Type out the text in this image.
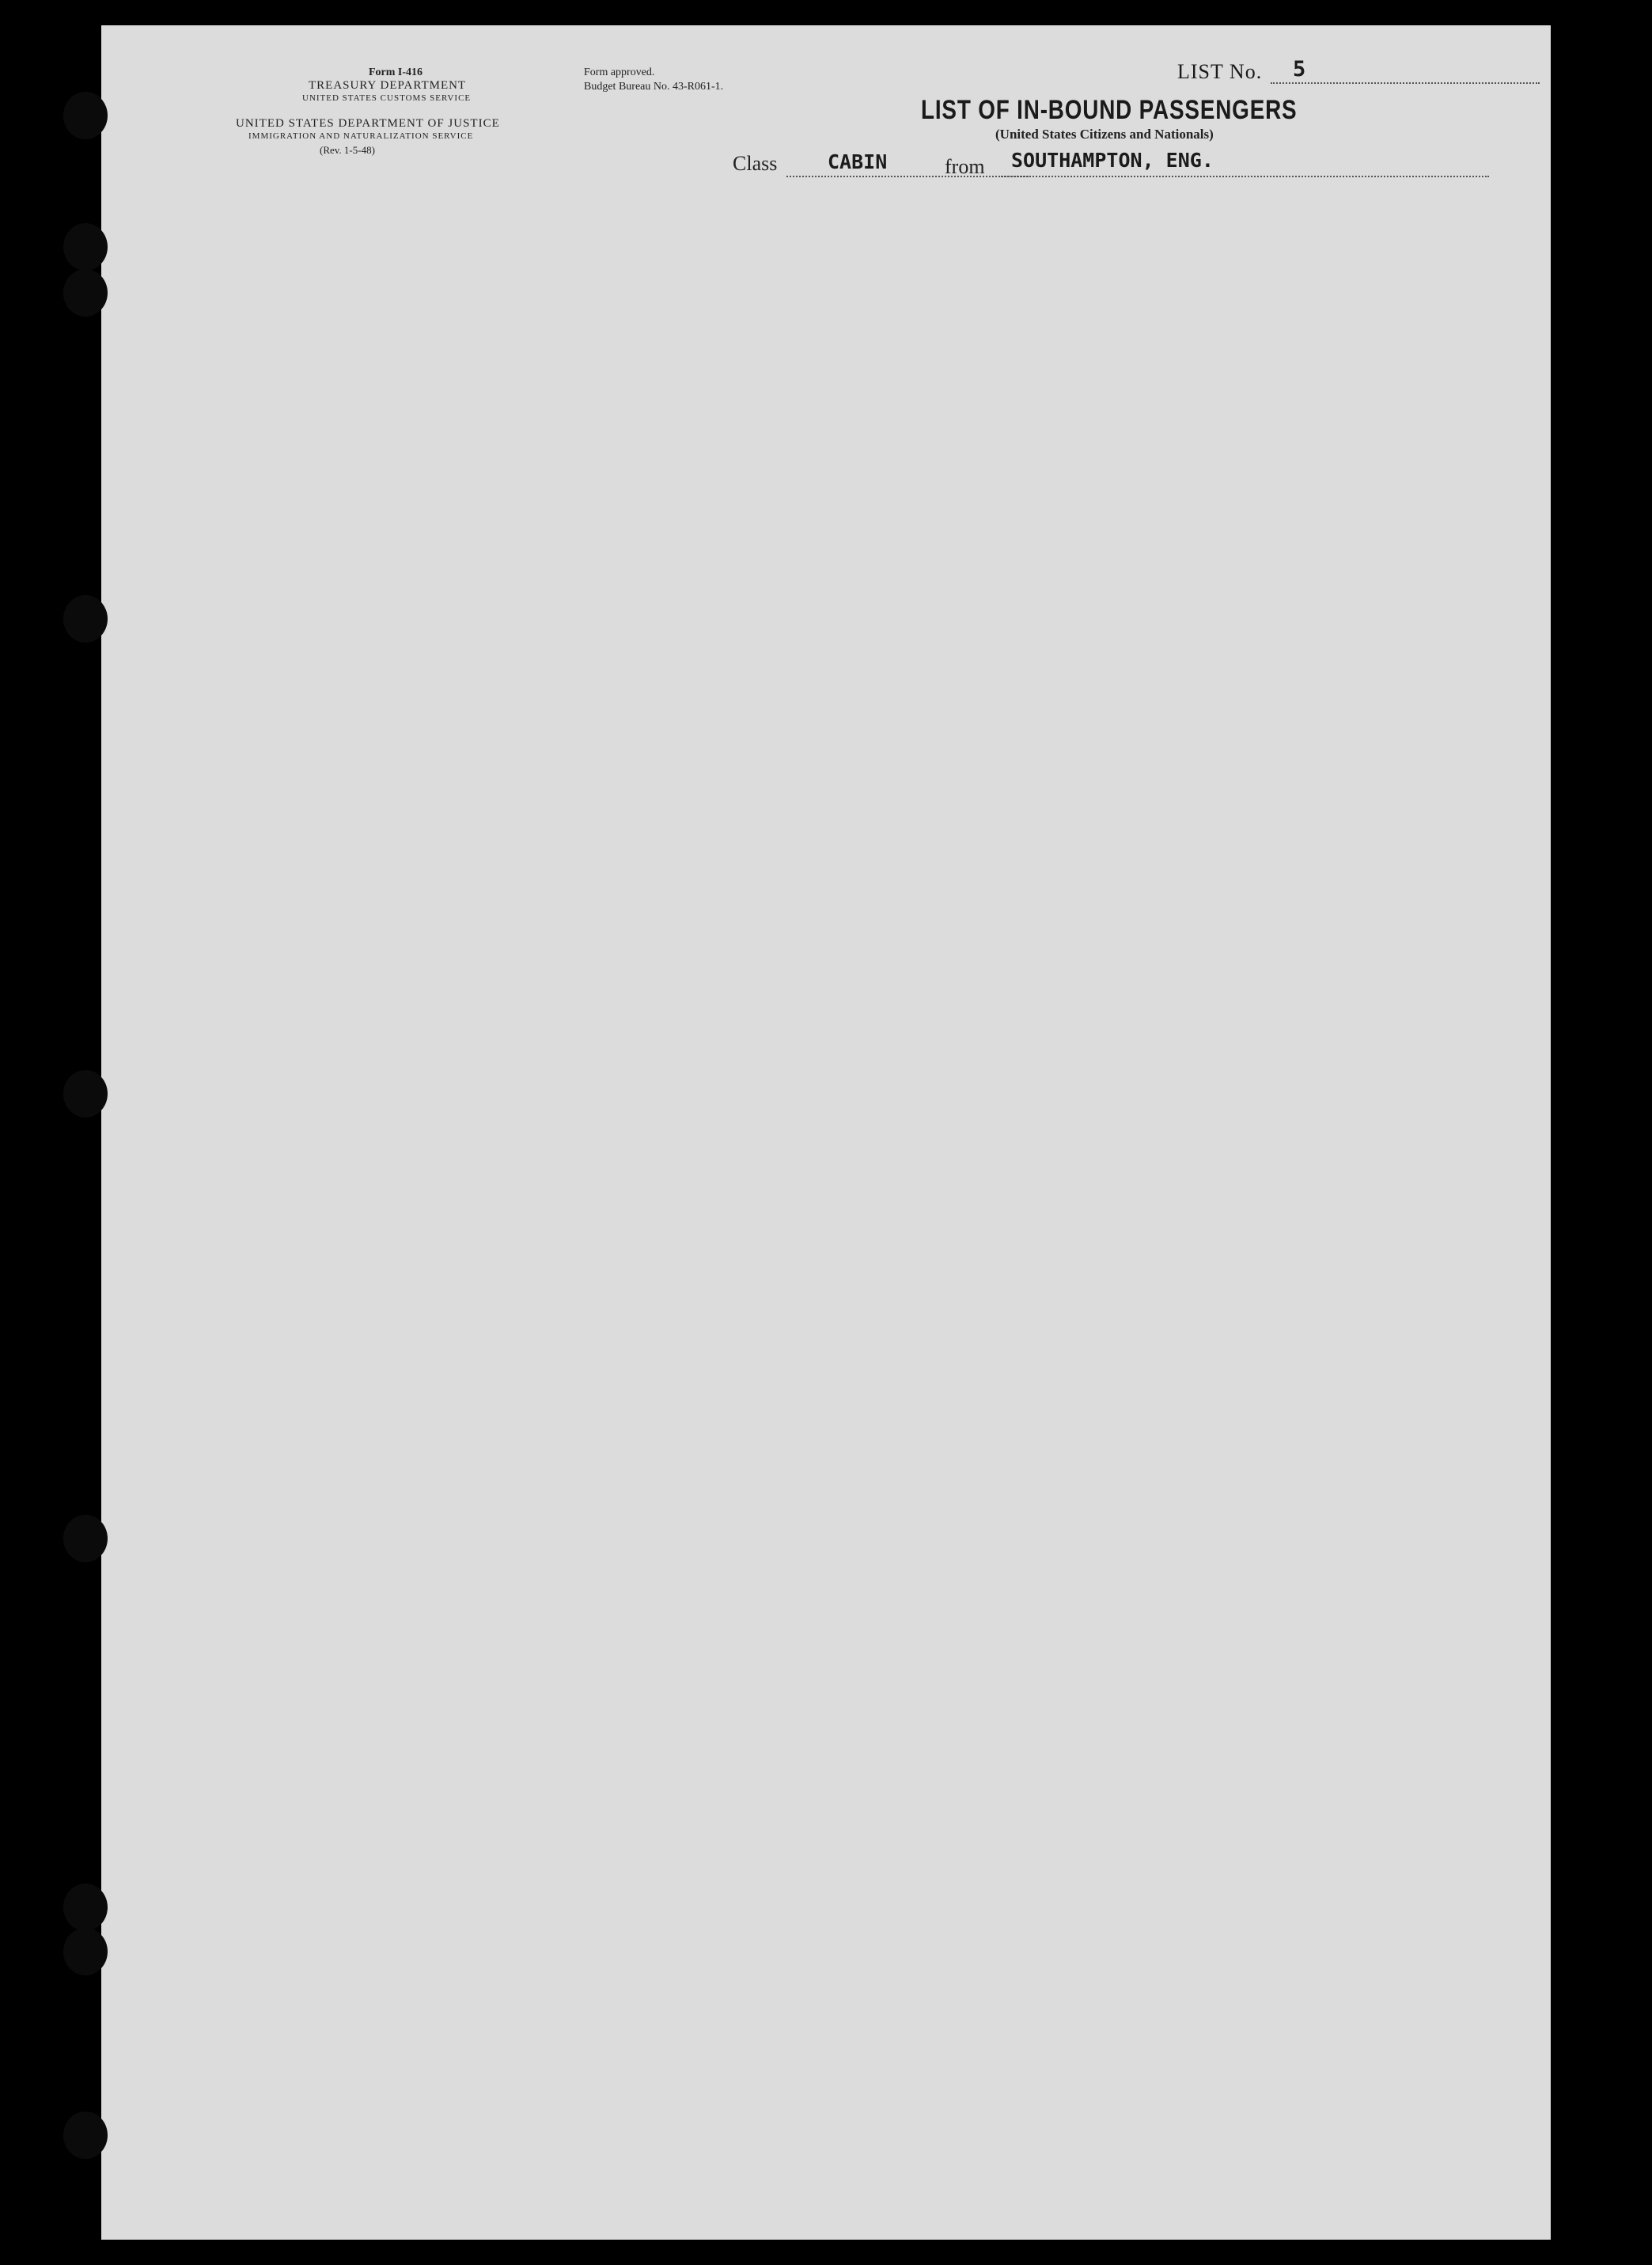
Form I-416
TREASURY DEPARTMENT
UNITED STATES CUSTOMS SERVICE
UNITED STATES DEPARTMENT OF JUSTICE
IMMIGRATION AND NATURALIZATION SERVICE
(Rev. 1-5-48)
Form approved.
Budget Bureau No. 43-R061-1.
LIST No. 5
LIST OF IN-BOUND PASSENGERS
(United States Citizens and Nationals)
Class	CABIN	from SOUTHAMPTON, ENG.
